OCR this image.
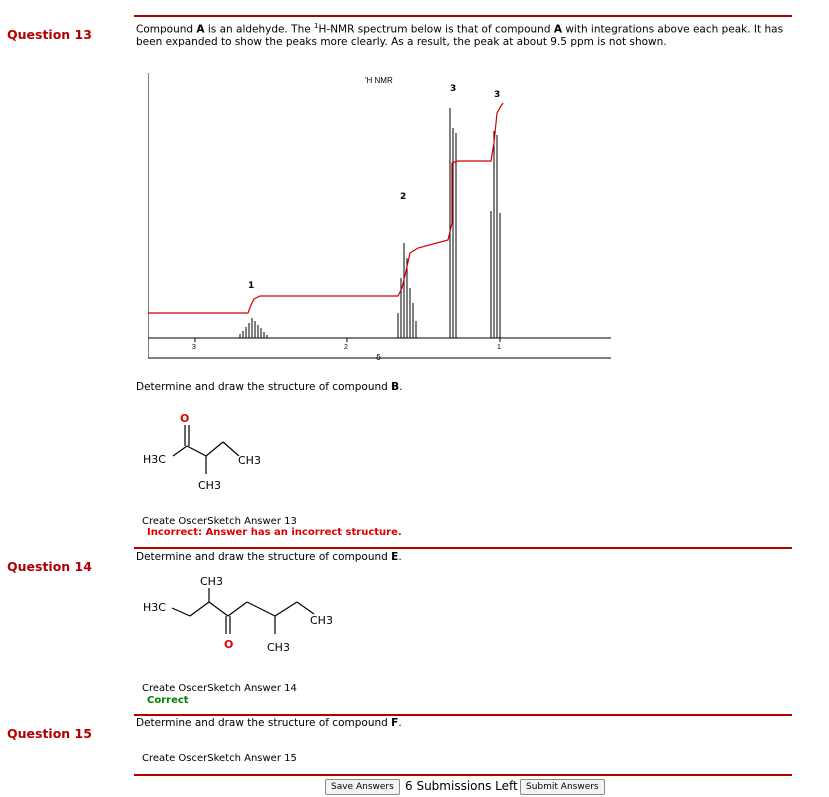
Question 13	Compound A is an aldehyde. The $^1$H-NMR spectrum below is that of compound A with integrations above each peak. It has been expanded to show the peaks more clearly. As a result, the peak at about 9.5 ppm is not shown.
'H NMR
3	2	1
δ
1
2
3
3
Determine and draw the structure of compound B.
O
H3C	CH3
CH3
Create OscerSketch Answer 13
Incorrect: Answer has an incorrect structure.
Question 14
Determine and draw the structure of compound E.
CH3
H3C
O	CH3
CH3
Create OscerSketch Answer 14
Correct
Question 15
Determine and draw the structure of compound F.
Create OscerSketch Answer 15
Save Answers 6 Submissions Left Submit Answers
